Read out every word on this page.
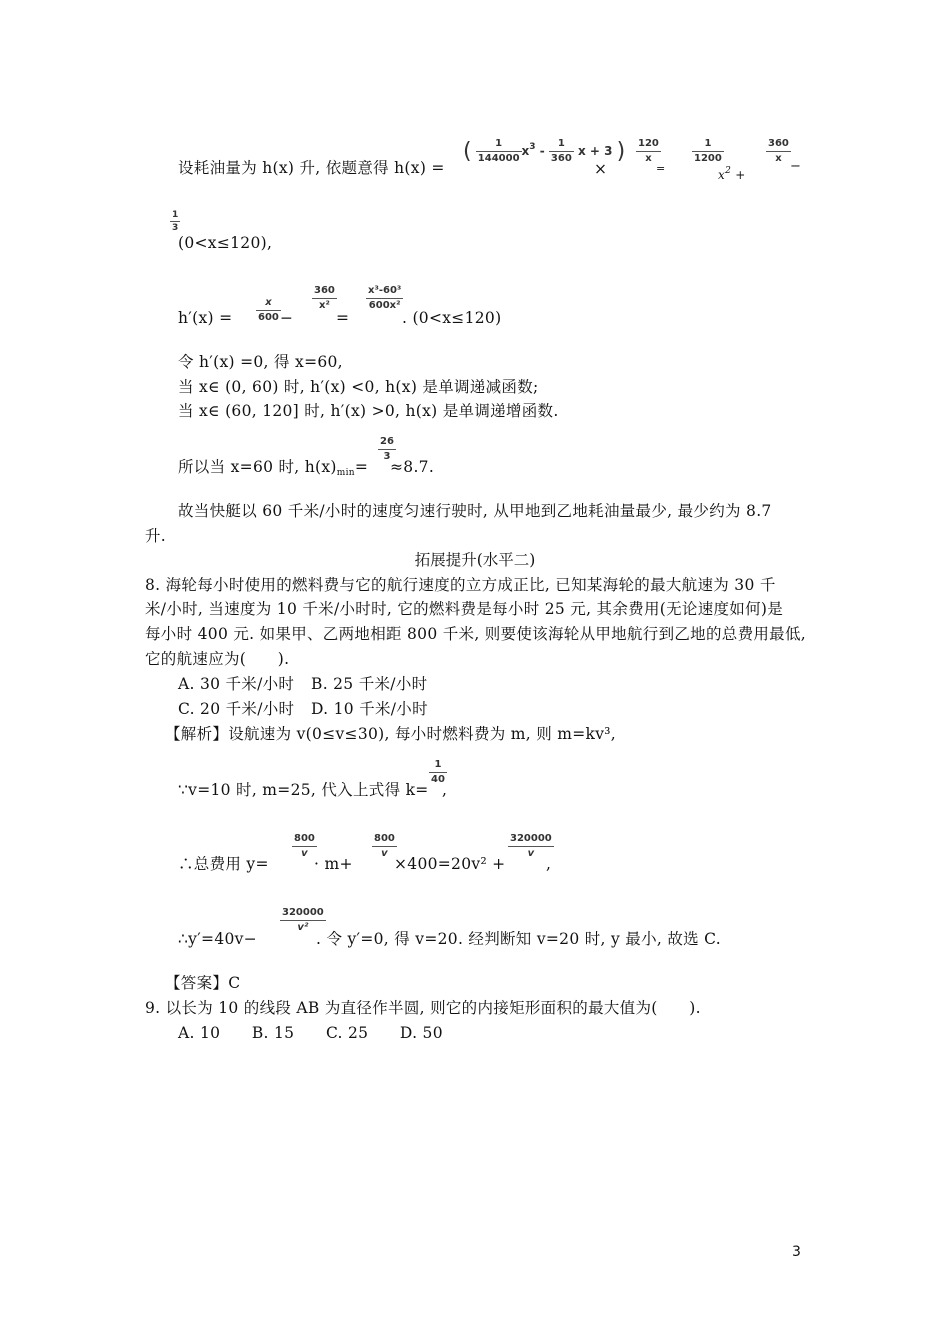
设耗油量为 h(x) 升, 依题意得 h(x) =
( $\frac{1}{144000} x^3 - \frac{1}{360}$ x + 3 )
×
$\frac{120}{x}$
=
$\frac{1}{1200}$
$x^2$ +
$\frac{360}{x}$
−
$\frac{1}{3}$
(0<x≤120),
$h'(x) = \frac{x}{600}$ −
$\frac{360}{\text{x²}}$
=
$\frac{\text{x³-60³}}{\text{600x²}}$
. (0<x≤120)
令 h′(x) =0, 得 x=60,
当 x∈ (0, 60) 时, h′(x) <0, h(x) 是单调递减函数;
当 x∈ (60, 120] 时, h′(x) >0, h(x) 是单调递增函数.
所以当 x=60 时, $h(x)_{min}=$
$\frac{26}{3}$
≈8.7.
故当快艇以 60 千米/小时的速度匀速行驶时, 从甲地到乙地耗油量最少, 最少约为 8.7
升.
拓展提升(水平二)
8. 海轮每小时使用的燃料费与它的航行速度的立方成正比, 已知某海轮的最大航速为 30 千
米/小时, 当速度为 10 千米/小时时, 它的燃料费是每小时 25 元, 其余费用(无论速度如何)是
每小时 400 元. 如果甲、乙两地相距 800 千米, 则要使该海轮从甲地航行到乙地的总费用最低,
它的航速应为(　　).
A. 30 千米/小时 B. 25 千米/小时
C. 20 千米/小时 D. 10 千米/小时
【解析】设航速为 v(0≤v≤30), 每小时燃料费为 m, 则 m=kv³,
∵v=10 时, m=25, 代入上式得 k=
$\frac{1}{40}$
,
∴总费用 y=
$\frac{800}{v}$
· m+
$\frac{800}{v}$
×400=20v² +
$\frac{320000}{v}$
,
∴y′=40v−
$\frac{320000}{\text{v²}}$
. 令 y′=0, 得 v=20. 经判断知 v=20 时, y 最小, 故选 C.
【答案】C
9. 以长为 10 的线段 AB 为直径作半圆, 则它的内接矩形面积的最大值为(　　).
A. 10　　B. 15　　C. 25　　D. 50
3
